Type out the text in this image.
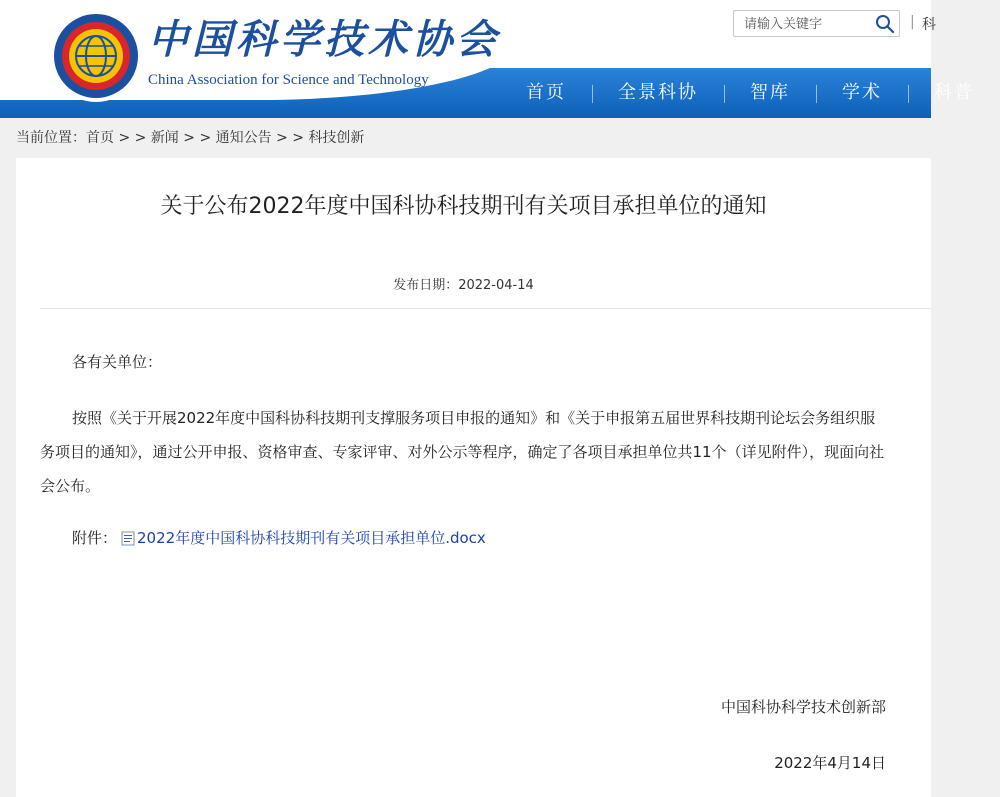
中国科学技术协会
China Association for Science and Technology
请输入关键字
| 科
首页	全景科协	智库	学术	科普
当前位置： 首页 > > 新闻 > > 通知公告 > > 科技创新
关于公布2022年度中国科协科技期刊有关项目承担单位的通知
发布日期：2022-04-14

各有关单位：

按照《关于开展2022年度中国科协科技期刊支撑服务项目申报的通知》和《关于申报第五届世界科技期刊论坛会务组织服务项目的通知》，通过公开申报、资格审查、专家评审、对外公示等程序，确定了各项目承担单位共11个（详见附件），现面向社会公布。

附件： 2022年度中国科协科技期刊有关项目承担单位.docx
中国科协科学技术创新部
2022年4月14日
